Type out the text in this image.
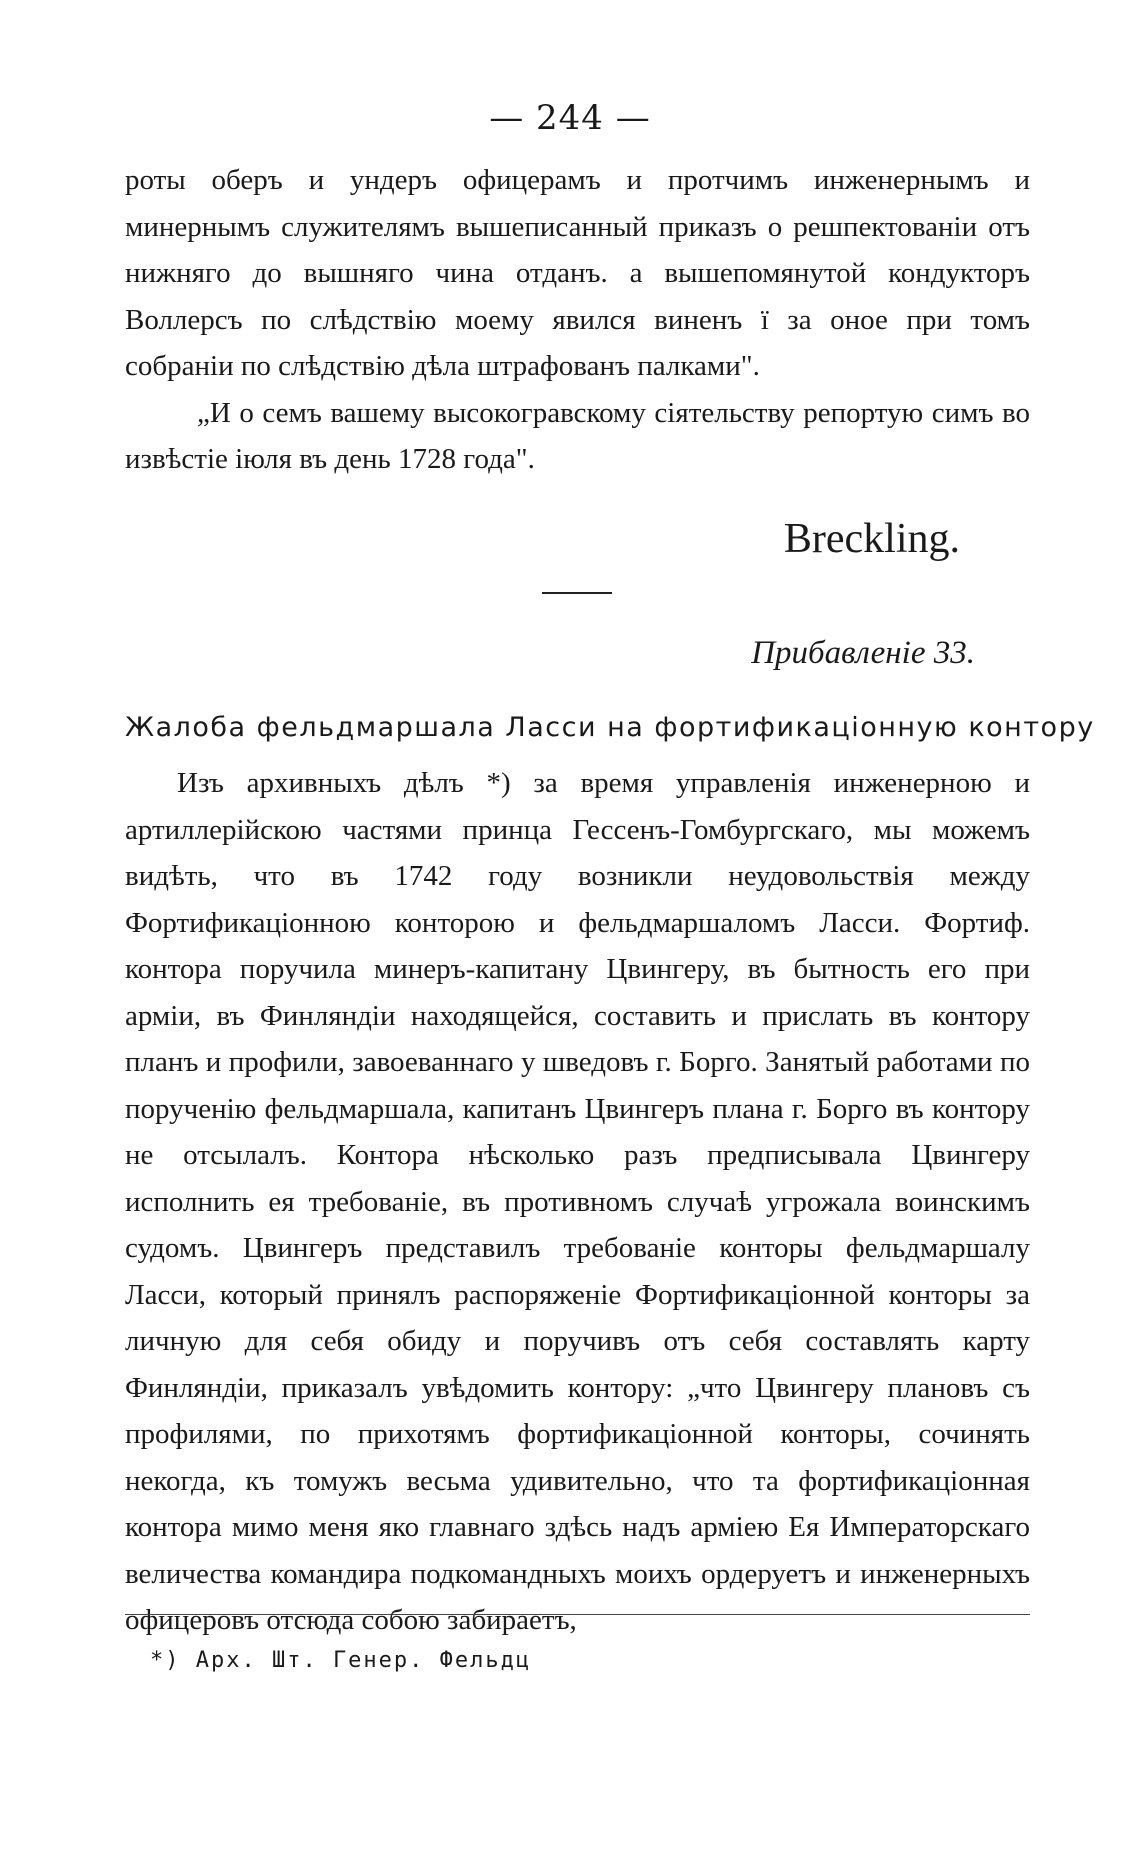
— 244 —

роты оберъ и ундеръ офицерамъ и протчимъ инженернымъ и минернымъ служителямъ вышеписанный приказъ о решпектованіи отъ нижняго до вышняго чина отданъ. а вышепомянутой кондукторъ Воллерсъ по слѣдствію моему явился виненъ ї за оное при томъ собраніи по слѣдствію дѣла штрафованъ палками".

„И о семъ вашему высокогравскому сіятельству репортую симъ во извѣстіе іюля въ день 1728 года".

Breckling.
Прибавленіе 33.
Жалоба фельдмаршала Ласси на фортификаціонную контору
Изъ архивныхъ дѣлъ *) за время управленія инженерною и артиллерійскою частями принца Гессенъ-Гомбургскаго, мы можемъ видѣть, что въ 1742 году возникли неудовольствія между Фортификаціонною конторою и фельдмаршаломъ Ласси. Фортиф. контора поручила минеръ-капитану Цвингеру, въ бытность его при арміи, въ Финляндіи находящейся, составить и прислать въ контору планъ и профили, завоеваннаго у шведовъ г. Борго. Занятый работами по порученію фельдмаршала, капитанъ Цвингеръ плана г. Борго въ контору не отсылалъ. Контора нѣсколько разъ предписывала Цвингеру исполнить ея требованіе, въ противномъ случаѣ угрожала воинскимъ судомъ. Цвингеръ представилъ требованіе конторы фельдмаршалу Ласси, который принялъ распоряженіе Фортификаціонной конторы за личную для себя обиду и поручивъ отъ себя составлять карту Финляндіи, приказалъ увѣдомить контору: „что Цвингеру плановъ съ профилями, по прихотямъ фортификаціонной конторы, сочинять некогда, къ томужъ весьма удивительно, что та фортификаціонная контора мимо меня яко главнаго здѣсь надъ арміею Ея Императорскаго величества командира подкомандныхъ моихъ ордеруетъ и инженерныхъ офицеровъ отсюда собою забираетъ,
*) Арх. Шт. Генер. Фельдц
